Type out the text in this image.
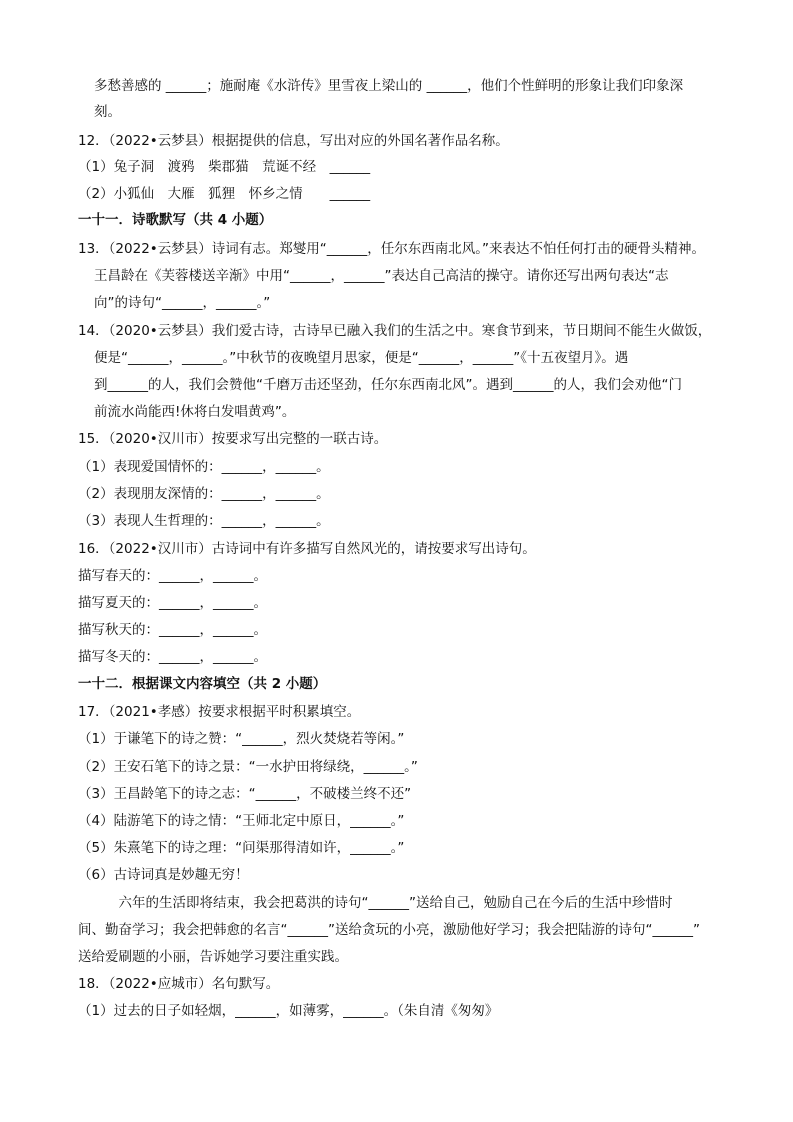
多愁善感的 ______；施耐庵《水浒传》里雪夜上梁山的 ______，他们个性鲜明的形象让我们印象深
刻。
12．（2022•云梦县）根据提供的信息，写出对应的外国名著作品名称。
（1）兔子洞　渡鸦　柴郡猫　荒诞不经　______
（2）小狐仙　大雁　狐狸　怀乡之情　　______
一十一．诗歌默写（共 4 小题）
13．（2022•云梦县）诗词有志。郑燮用“______，任尔东西南北风。”来表达不怕任何打击的硬骨头精神。
王昌龄在《芙蓉楼送辛渐》中用“______，______”表达自己高洁的操守。请你还写出两句表达“志
向”的诗句“______，______。”
14．（2020•云梦县）我们爱古诗，古诗早已融入我们的生活之中。寒食节到来，节日期间不能生火做饭，
便是“______，______。”中秋节的夜晚望月思家，便是“______，______”《十五夜望月》。遇
到______的人，我们会赞他“千磨万击还坚劲，任尔东西南北风”。遇到______的人，我们会劝他“门
前流水尚能西!休将白发唱黄鸡”。
15．（2020•汉川市）按要求写出完整的一联古诗。
（1）表现爱国情怀的：______，______。
（2）表现朋友深情的：______，______。
（3）表现人生哲理的：______，______。
16．（2022•汉川市）古诗词中有许多描写自然风光的，请按要求写出诗句。
描写春天的：______，______。
描写夏天的：______，______。
描写秋天的：______，______。
描写冬天的：______，______。
一十二．根据课文内容填空（共 2 小题）
17．（2021•孝感）按要求根据平时积累填空。
（1）于谦笔下的诗之赞：“______，烈火焚烧若等闲。”
（2）王安石笔下的诗之景：“一水护田将绿绕，______。”
（3）王昌龄笔下的诗之志：“______，不破楼兰终不还”
（4）陆游笔下的诗之情：“王师北定中原日，______。”
（5）朱熹笔下的诗之理：“问渠那得清如许，______。”
（6）古诗词真是妙趣无穷！
　　　六年的生活即将结束，我会把葛洪的诗句“______”送给自己，勉励自己在今后的生活中珍惜时
间、勤奋学习；我会把韩愈的名言“______”送给贪玩的小亮，激励他好学习；我会把陆游的诗句“______”
送给爱刷题的小丽，告诉她学习要注重实践。
18．（2022•应城市）名句默写。
（1）过去的日子如轻烟，______，如薄雾，______。（朱自清《匆匆》
